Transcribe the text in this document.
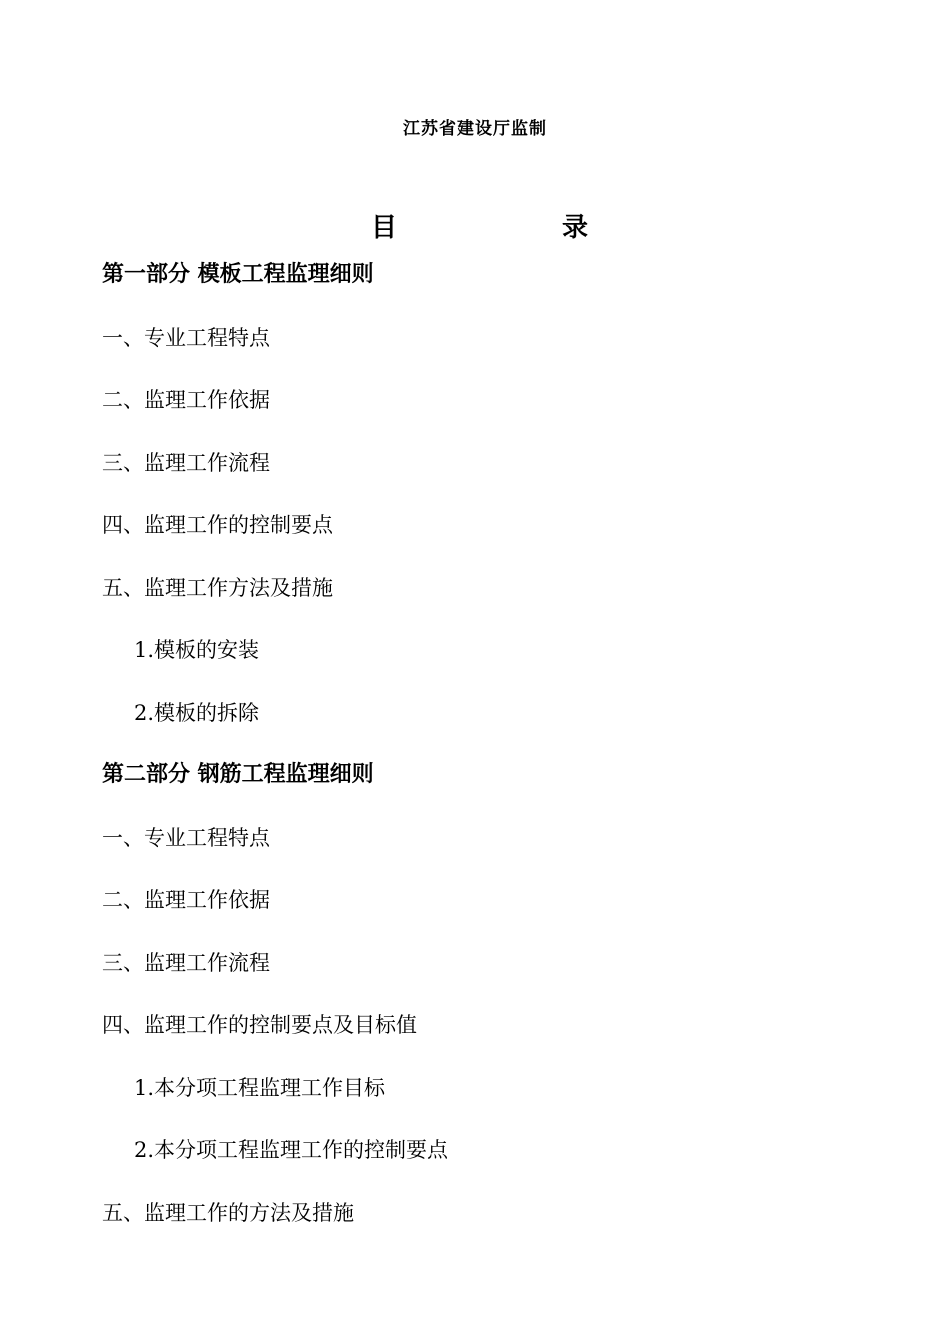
江苏省建设厅监制
目	录
第一部分 模板工程监理细则
一、专业工程特点
二、监理工作依据
三、监理工作流程
四、监理工作的控制要点
五、监理工作方法及措施
1.模板的安装
2.模板的拆除
第二部分 钢筋工程监理细则
一、专业工程特点
二、监理工作依据
三、监理工作流程
四、监理工作的控制要点及目标值
1.本分项工程监理工作目标
2.本分项工程监理工作的控制要点
五、监理工作的方法及措施
